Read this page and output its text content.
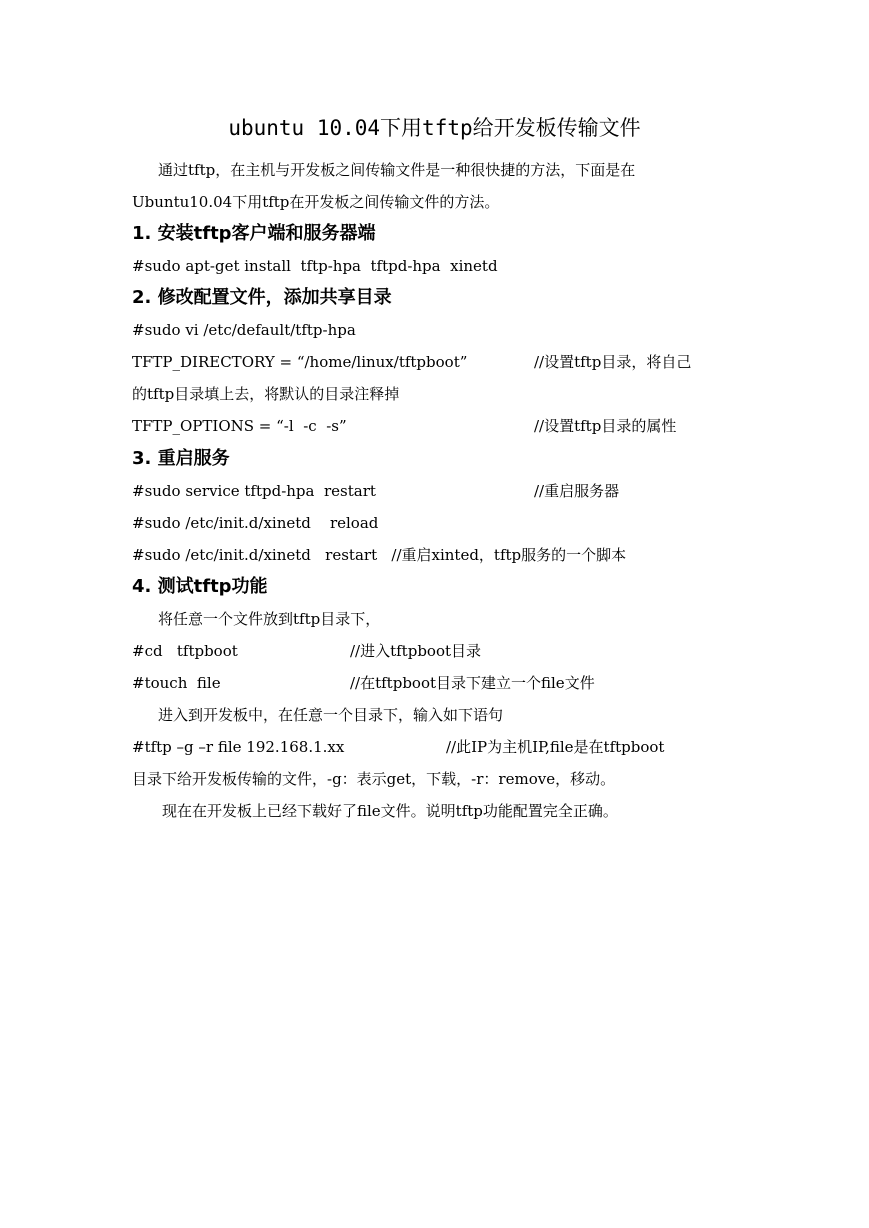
ubuntu 10.04下用tftp给开发板传输文件
通过tftp，在主机与开发板之间传输文件是一种很快捷的方法，下面是在
Ubuntu10.04下用tftp在开发板之间传输文件的方法。
1. 安装tftp客户端和服务器端
#sudo apt-get install  tftp-hpa  tftpd-hpa  xinetd
2. 修改配置文件，添加共享目录
#sudo vi /etc/default/tftp-hpa
TFTP_DIRECTORY = “/home/linux/tftpboot”	//设置tftp目录，将自己
的tftp目录填上去，将默认的目录注释掉
TFTP_OPTIONS = “-l  -c  -s”	//设置tftp目录的属性
3. 重启服务
#sudo service tftpd-hpa  restart	//重启服务器
#sudo /etc/init.d/xinetd    reload
#sudo /etc/init.d/xinetd   restart   //重启xinted，tftp服务的一个脚本
4. 测试tftp功能
将任意一个文件放到tftp目录下，
#cd   tftpboot	//进入tftpboot目录
#touch  file	//在tftpboot目录下建立一个file文件
进入到开发板中，在任意一个目录下，输入如下语句
#tftp –g –r file 192.168.1.xx	//此IP为主机IP,file是在tftpboot
目录下给开发板传输的文件，-g：表示get，下载，-r：remove，移动。
现在在开发板上已经下载好了file文件。说明tftp功能配置完全正确。
